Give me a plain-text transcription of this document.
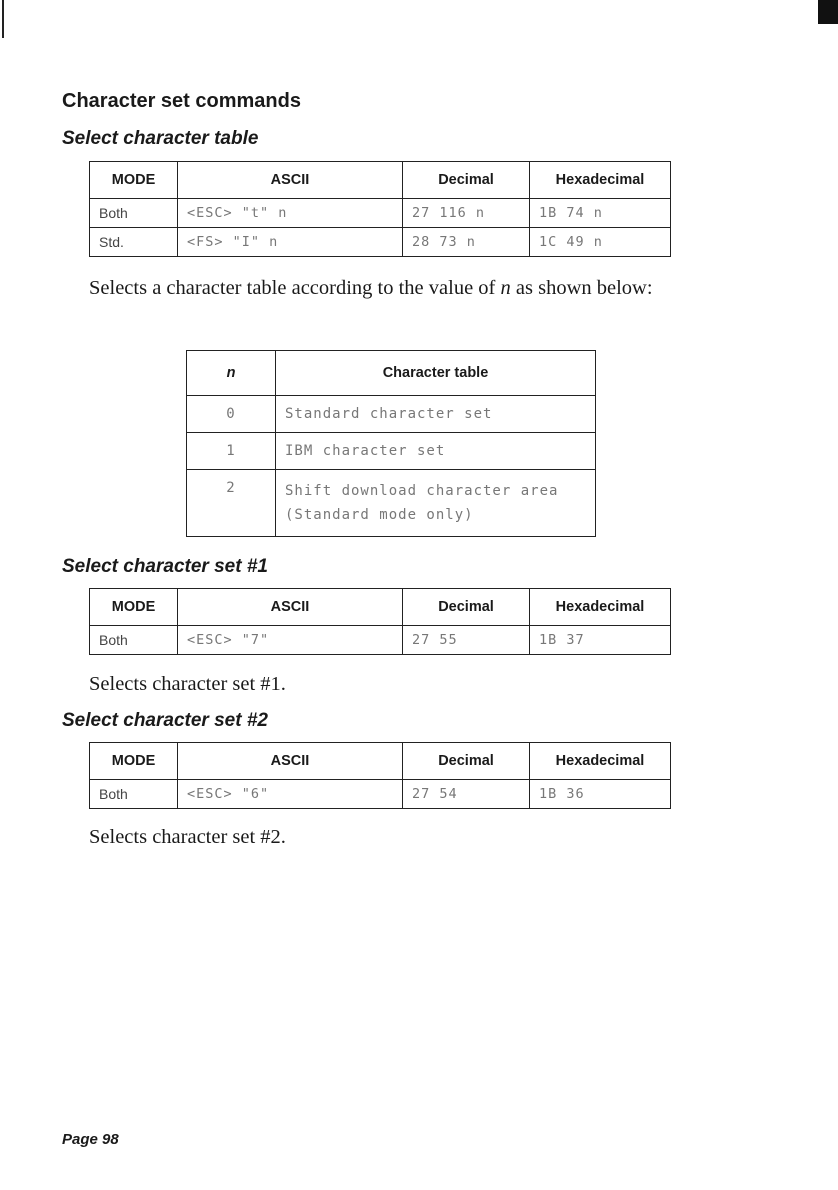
Character set commands
Select character table
MODE	ASCII	Decimal	Hexadecimal
Both	<ESC> "t" n	27 116 n	1B 74 n
Std.	<FS> "I" n	28 73 n	1C 49 n
Selects a character table according to the value of n as shown below:
n	Character table
0	Standard character set
1	IBM character set
2	Shift download character area (Standard mode only)
Select character set #1
MODE	ASCII	Decimal	Hexadecimal
Both	<ESC> "7"	27 55	1B 37
Selects character set #1.
Select character set #2
MODE	ASCII	Decimal	Hexadecimal
Both	<ESC> "6"	27 54	1B 36
Selects character set #2.
Page 98
